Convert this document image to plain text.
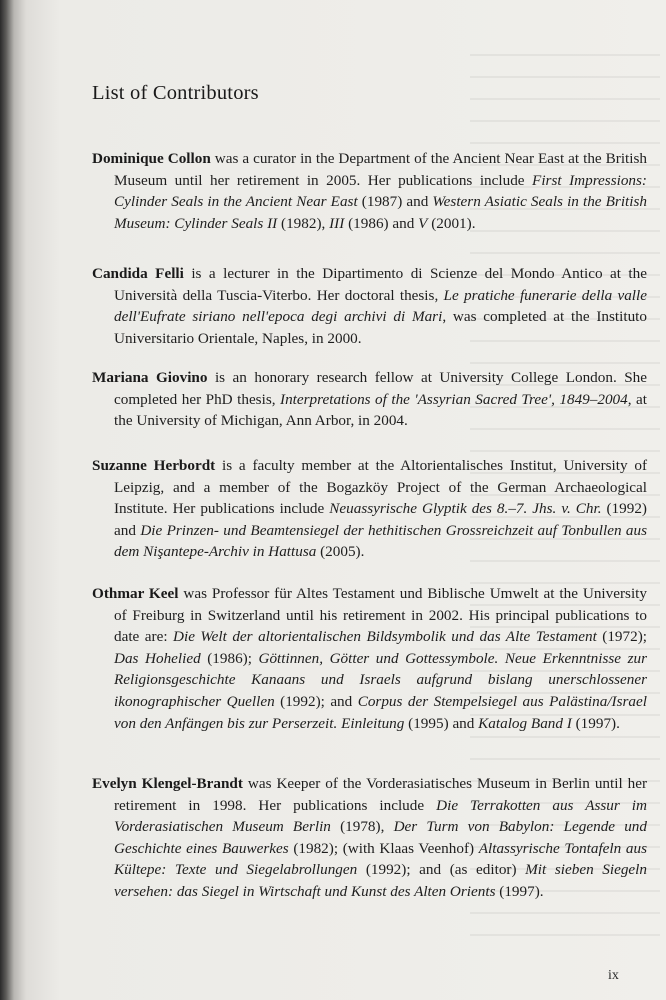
List of Contributors

Dominique Collon was a curator in the Department of the Ancient Near East at the British Museum until her retirement in 2005. Her publications include First Impressions: Cylinder Seals in the Ancient Near East (1987) and Western Asiatic Seals in the British Museum: Cylinder Seals II (1982), III (1986) and V (2001).

Candida Felli is a lecturer in the Dipartimento di Scienze del Mondo Antico at the Università della Tuscia-Viterbo. Her doctoral thesis, Le pratiche funerarie della valle dell'Eufrate siriano nell'epoca degi archivi di Mari, was completed at the Instituto Universitario Orientale, Naples, in 2000.

Mariana Giovino is an honorary research fellow at University College London. She completed her PhD thesis, Interpretations of the 'Assyrian Sacred Tree', 1849–2004, at the University of Michigan, Ann Arbor, in 2004.

Suzanne Herbordt is a faculty member at the Altorientalisches Institut, University of Leipzig, and a member of the Bogazköy Project of the German Archaeological Institute. Her publications include Neuassyrische Glyptik des 8.–7. Jhs. v. Chr. (1992) and Die Prinzen- und Beamtensiegel der hethitischen Grossreichzeit auf Tonbullen aus dem Nişantepe-Archiv in Hattusa (2005).

Othmar Keel was Professor für Altes Testament und Biblische Umwelt at the University of Freiburg in Switzerland until his retirement in 2002. His principal publications to date are: Die Welt der altorientalischen Bildsymbolik und das Alte Testament (1972); Das Hohelied (1986); Göttinnen, Götter und Gottessymbole. Neue Erkenntnisse zur Religionsgeschichte Kanaans und Israels aufgrund bislang unerschlossener ikonographischer Quellen (1992); and Corpus der Stempelsiegel aus Palästina/Israel von den Anfängen bis zur Perserzeit. Einleitung (1995) and Katalog Band I (1997).

Evelyn Klengel-Brandt was Keeper of the Vorderasiatisches Museum in Berlin until her retirement in 1998. Her publications include Die Terrakotten aus Assur im Vorderasiatischen Museum Berlin (1978), Der Turm von Babylon: Legende und Geschichte eines Bauwerkes (1982); (with Klaas Veenhof) Altassyrische Tontafeln aus Kültepe: Texte und Siegelabrollungen (1992); and (as editor) Mit sieben Siegeln versehen: das Siegel in Wirtschaft und Kunst des Alten Orients (1997).

ix
